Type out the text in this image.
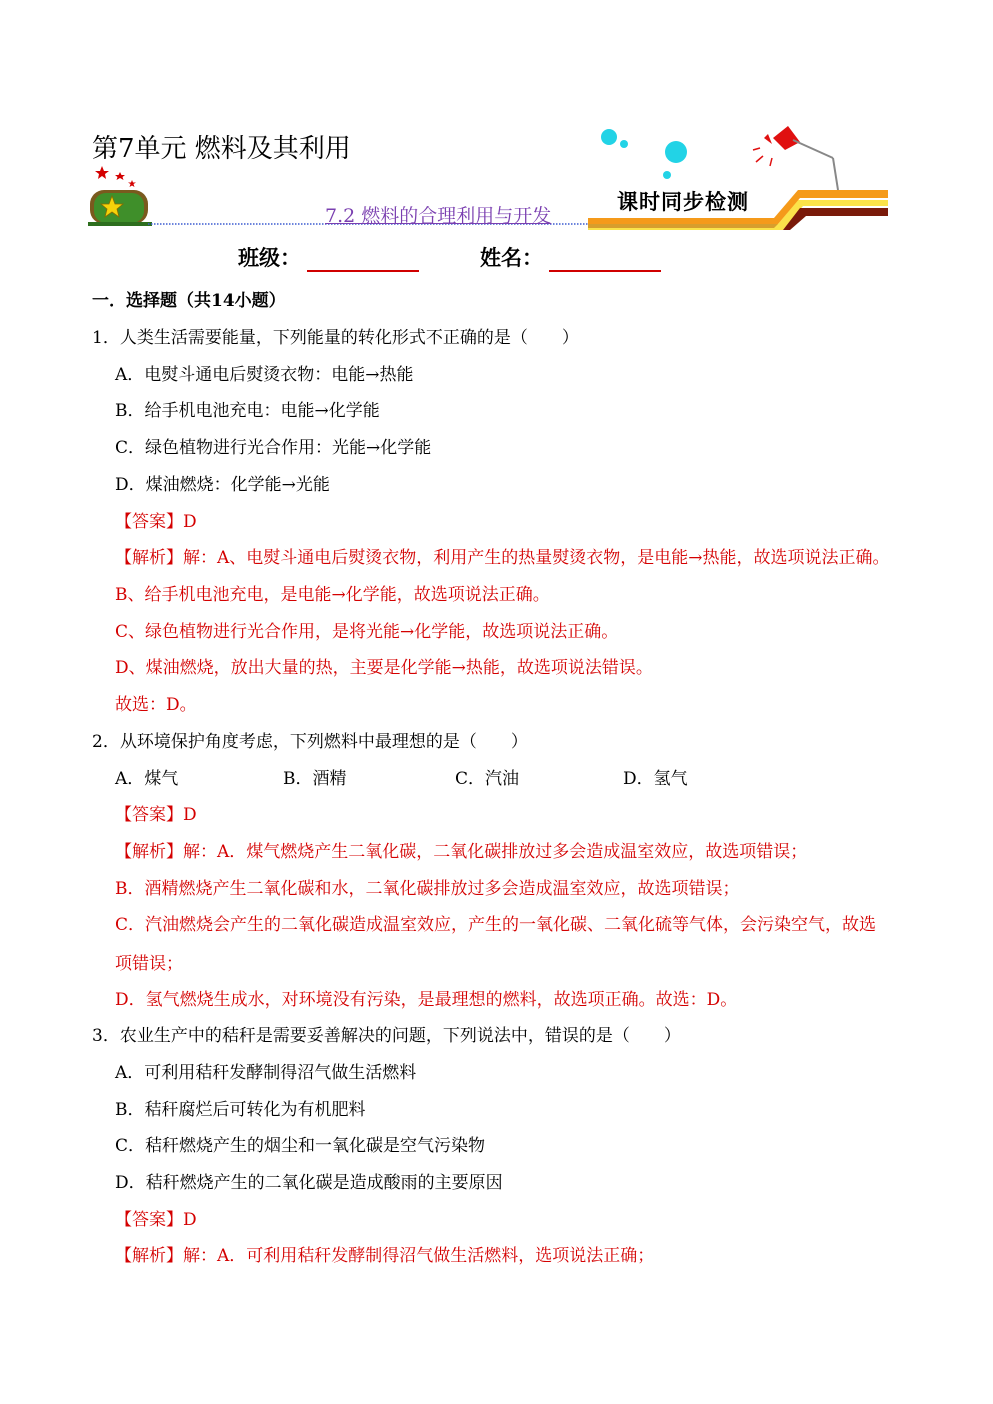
第7单元 燃料及其利用
7.2 燃料的合理利用与开发
课时同步检测
班级：	姓名：
一．选择题（共14小题）
1．人类生活需要能量，下列能量的转化形式不正确的是（　　）
A．电熨斗通电后熨烫衣物：电能→热能
B．给手机电池充电：电能→化学能
C．绿色植物进行光合作用：光能→化学能
D．煤油燃烧：化学能→光能
【答案】D
【解析】解：A、电熨斗通电后熨烫衣物，利用产生的热量熨烫衣物，是电能→热能，故选项说法正确。
B、给手机电池充电，是电能→化学能，故选项说法正确。
C、绿色植物进行光合作用，是将光能→化学能，故选项说法正确。
D、煤油燃烧，放出大量的热，主要是化学能→热能，故选项说法错误。
故选：D。
2．从环境保护角度考虑，下列燃料中最理想的是（　　）
A．煤气	B．酒精	C．汽油	D．氢气
【答案】D
【解析】解：A．煤气燃烧产生二氧化碳，二氧化碳排放过多会造成温室效应，故选项错误；
B．酒精燃烧产生二氧化碳和水，二氧化碳排放过多会造成温室效应，故选项错误；
C．汽油燃烧会产生的二氧化碳造成温室效应，产生的一氧化碳、二氧化硫等气体，会污染空气，故选
项错误；
D．氢气燃烧生成水，对环境没有污染，是最理想的燃料，故选项正确。故选：D。
3．农业生产中的秸秆是需要妥善解决的问题，下列说法中，错误的是（　　）
A．可利用秸秆发酵制得沼气做生活燃料
B．秸秆腐烂后可转化为有机肥料
C．秸秆燃烧产生的烟尘和一氧化碳是空气污染物
D．秸秆燃烧产生的二氧化碳是造成酸雨的主要原因
【答案】D
【解析】解：A．可利用秸秆发酵制得沼气做生活燃料，选项说法正确；
